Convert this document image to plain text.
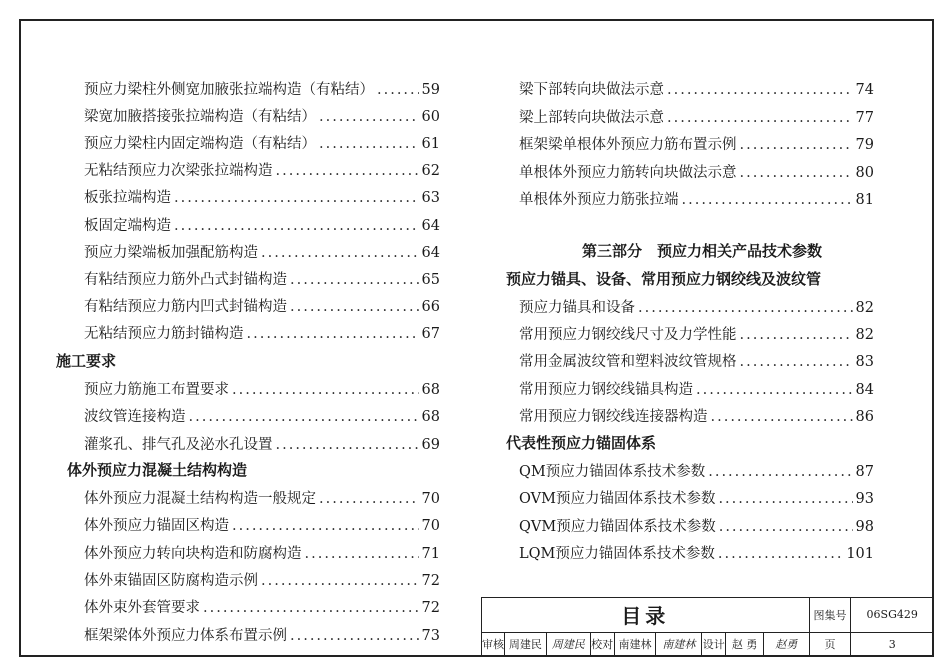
预应力梁柱外侧宽加腋张拉端构造（有粘结） .....	59
梁宽加腋搭接张拉端构造（有粘结） .....	60
预应力梁柱内固定端构造（有粘结） .....	61
无粘结预应力次梁张拉端构造 .....	62
板张拉端构造 .....	63
板固定端构造 .....	64
预应力梁端板加强配筋构造 .....	64
有粘结预应力筋外凸式封锚构造 .....	65
有粘结预应力筋内凹式封锚构造 .....	66
无粘结预应力筋封锚构造 .....	67
施工要求
预应力筋施工布置要求 .....	68
波纹管连接构造 .....	68
灌浆孔、排气孔及泌水孔设置 .....	69
体外预应力混凝土结构构造
体外预应力混凝土结构构造一般规定 .....	70
体外预应力锚固区构造 .....	70
体外预应力转向块构造和防腐构造 .....	71
体外束锚固区防腐构造示例 .....	72
体外束外套管要求 .....	72
框架梁体外预应力体系布置示例 .....	73
梁下部转向块做法示意 .....	74
梁上部转向块做法示意 .....	77
框架梁单根体外预应力筋布置示例 .....	79
单根体外预应力筋转向块做法示意 .....	80
单根体外预应力筋张拉端 .....	81
第三部分　预应力相关产品技术参数
预应力锚具、设备、常用预应力钢绞线及波纹管
预应力锚具和设备 .....	82
常用预应力钢绞线尺寸及力学性能 .....	82
常用金属波纹管和塑料波纹管规格 .....	83
常用预应力钢绞线锚具构造 .....	84
常用预应力钢绞线连接器构造 .....	86
代表性预应力锚固体系
QM预应力锚固体系技术参数 .....	87
OVM预应力锚固体系技术参数 .....	93
QVM预应力锚固体系技术参数 .....	98
LQM预应力锚固体系技术参数 .....	101
目录									图集号	06SG429
审核	周建民	周建民	校对	南建林	南建林	设计	赵 勇	赵勇	页	3
